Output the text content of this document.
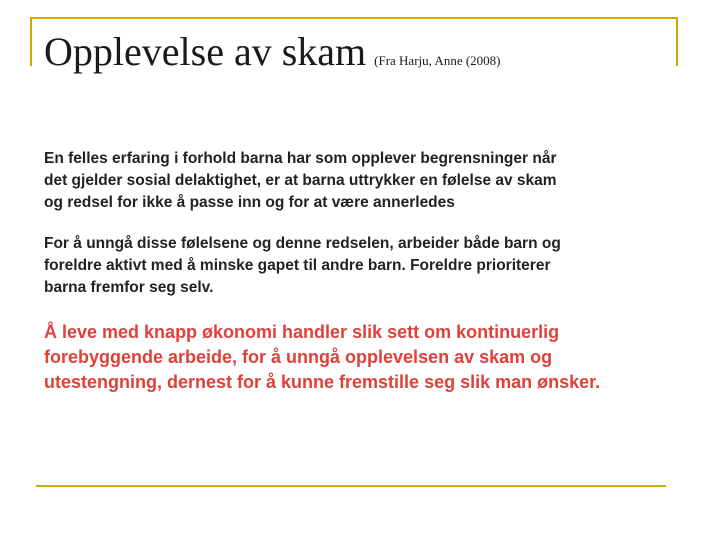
Opplevelse av skam (Fra Harju, Anne (2008)
En felles erfaring i forhold barna har som opplever begrensninger når
det gjelder sosial delaktighet, er at barna uttrykker en følelse av skam
og redsel for ikke å passe inn og for at være annerledes
For å unngå disse følelsene og denne redselen, arbeider både barn og
foreldre aktivt med å minske gapet til andre barn. Foreldre prioriterer
barna fremfor seg selv.
Å leve med knapp økonomi handler slik sett om kontinuerlig
forebyggende arbeide, for å unngå opplevelsen av skam og
utestengning, dernest for å kunne fremstille seg slik man ønsker.
